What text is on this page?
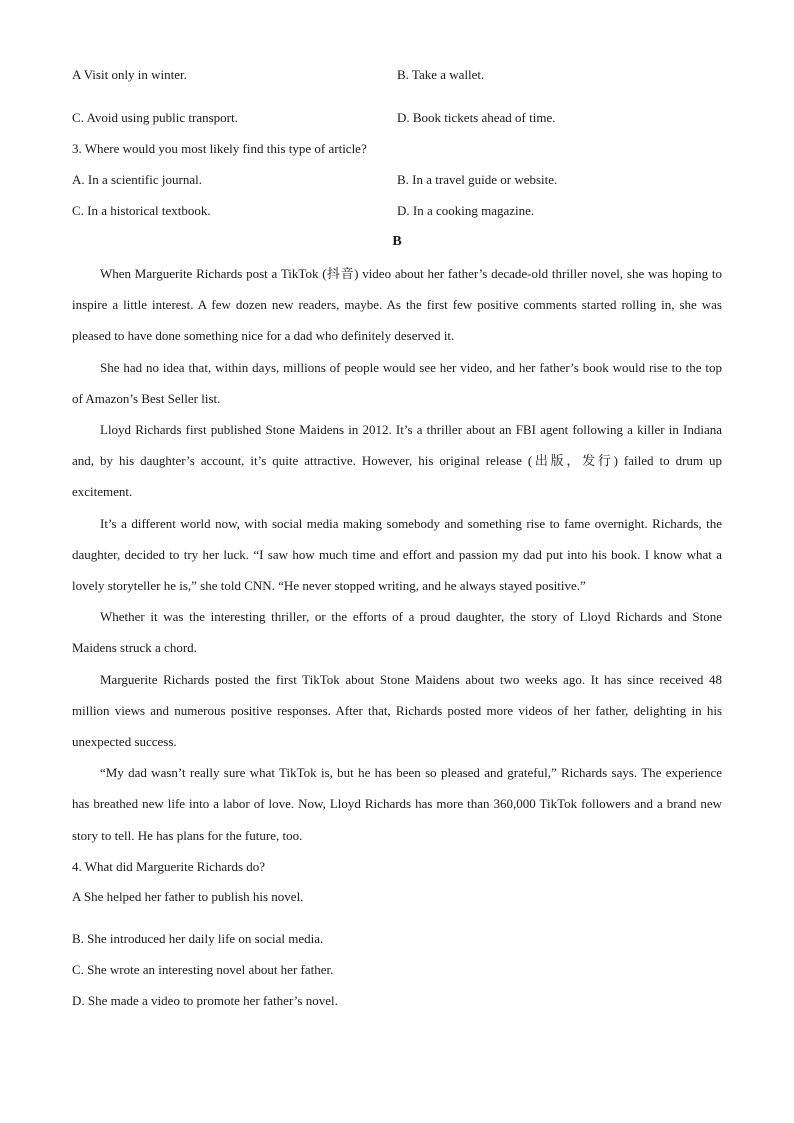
A Visit only in winter.	B. Take a wallet.
C. Avoid using public transport.	D. Book tickets ahead of time.
3. Where would you most likely find this type of article?
A. In a scientific journal.	B. In a travel guide or website.
C. In a historical textbook.	D. In a cooking magazine.
B

When Marguerite Richards post a TikTok (抖音) video about her father’s decade-old thriller novel, she was hoping to inspire a little interest. A few dozen new readers, maybe. As the first few positive comments started rolling in, she was pleased to have done something nice for a dad who definitely deserved it.

She had no idea that, within days, millions of people would see her video, and her father’s book would rise to the top of Amazon’s Best Seller list.

Lloyd Richards first published Stone Maidens in 2012. It’s a thriller about an FBI agent following a killer in Indiana and, by his daughter’s account, it’s quite attractive. However, his original release (出版，发行) failed to drum up excitement.

It’s a different world now, with social media making somebody and something rise to fame overnight. Richards, the daughter, decided to try her luck. “I saw how much time and effort and passion my dad put into his book. I know what a lovely storyteller he is,” she told CNN. “He never stopped writing, and he always stayed positive.”

Whether it was the interesting thriller, or the efforts of a proud daughter, the story of Lloyd Richards and Stone Maidens struck a chord.

Marguerite Richards posted the first TikTok about Stone Maidens about two weeks ago. It has since received 48 million views and numerous positive responses. After that, Richards posted more videos of her father, delighting in his unexpected success.

“My dad wasn’t really sure what TikTok is, but he has been so pleased and grateful,” Richards says. The experience has breathed new life into a labor of love. Now, Lloyd Richards has more than 360,000 TikTok followers and a brand new story to tell. He has plans for the future, too.

4. What did Marguerite Richards do?
A She helped her father to publish his novel.
B. She introduced her daily life on social media.
C. She wrote an interesting novel about her father.
D. She made a video to promote her father’s novel.
